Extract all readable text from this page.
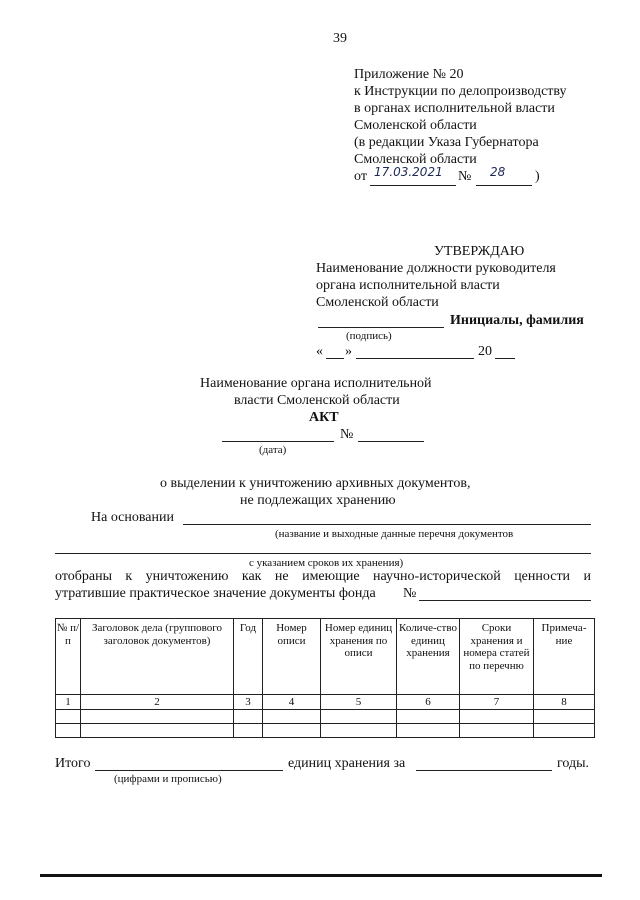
39
Приложение № 20
к Инструкции по делопроизводству
в органах исполнительной власти
Смоленской области
(в редакции Указа Губернатора
Смоленской области
от 17.03.2021 № 28 )
УТВЕРЖДАЮ
Наименование должности руководителя
органа исполнительной власти
Смоленской области
Инициалы, фамилия
(подпись)
« »	20
Наименование органа исполнительной
власти Смоленской области
АКТ
№
(дата)
о выделении к уничтожению архивных документов,
не подлежащих хранению
На основании
(название и выходные данные перечня документов
с указанием сроков их хранения)
отобраны к уничтожению как не имеющие научно-исторической ценности и
утратившие практическое значение документы фонда №
№ п/п	Заголовок дела (группового заголовок документов)	Год	Номер описи	Номер единиц хранения по описи	Количе-ство единиц хранения	Сроки хранения и номера статей по перечню	Примеча-ние
1	2	3	4	5	6	7	8

Итого	единиц хранения за	годы.
(цифрами и прописью)
